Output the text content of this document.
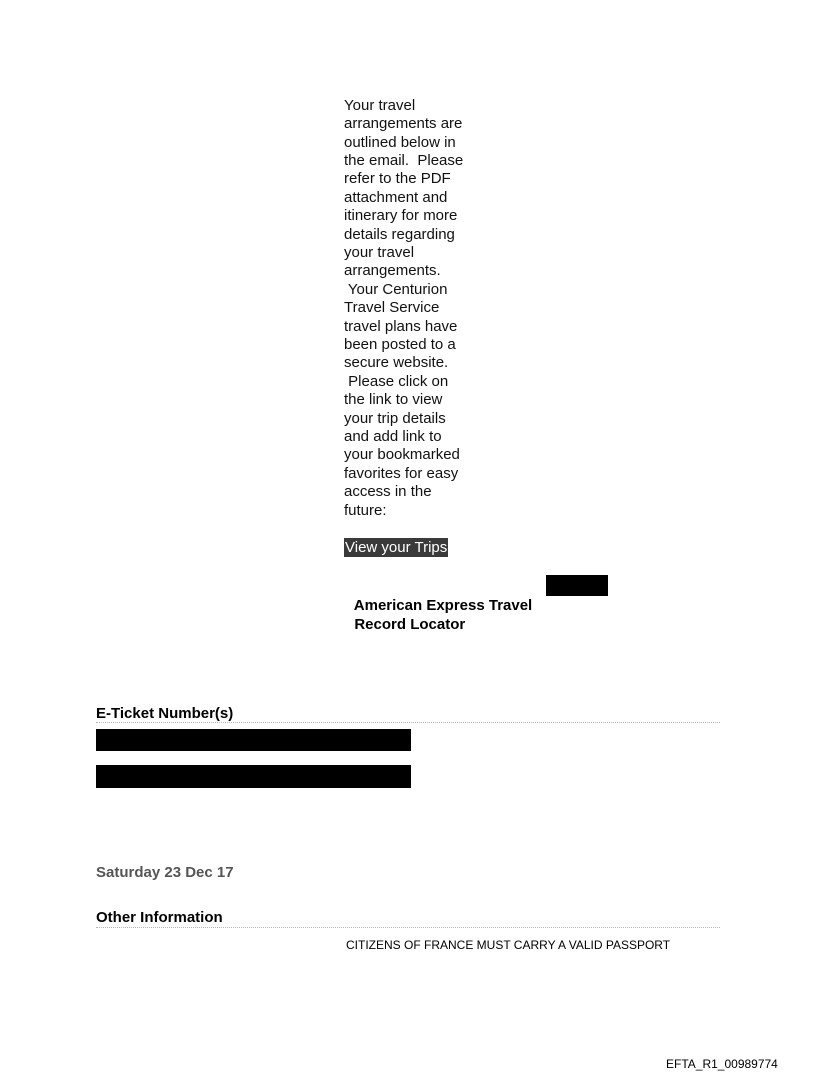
Your travel
arrangements are
outlined below in
the email.  Please
refer to the PDF
attachment and
itinerary for more
details regarding
your travel
arrangements.
Your Centurion
Travel Service
travel plans have
been posted to a
secure website.
Please click on
the link to view
your trip details
and add link to
your bookmarked
favorites for easy
access in the
future:
View your Trips

American Express Travel

Record Locator

E-Ticket Number(s)
Saturday 23 Dec 17
Other Information
CITIZENS OF FRANCE MUST CARRY A VALID PASSPORT
EFTA_R1_00989774
